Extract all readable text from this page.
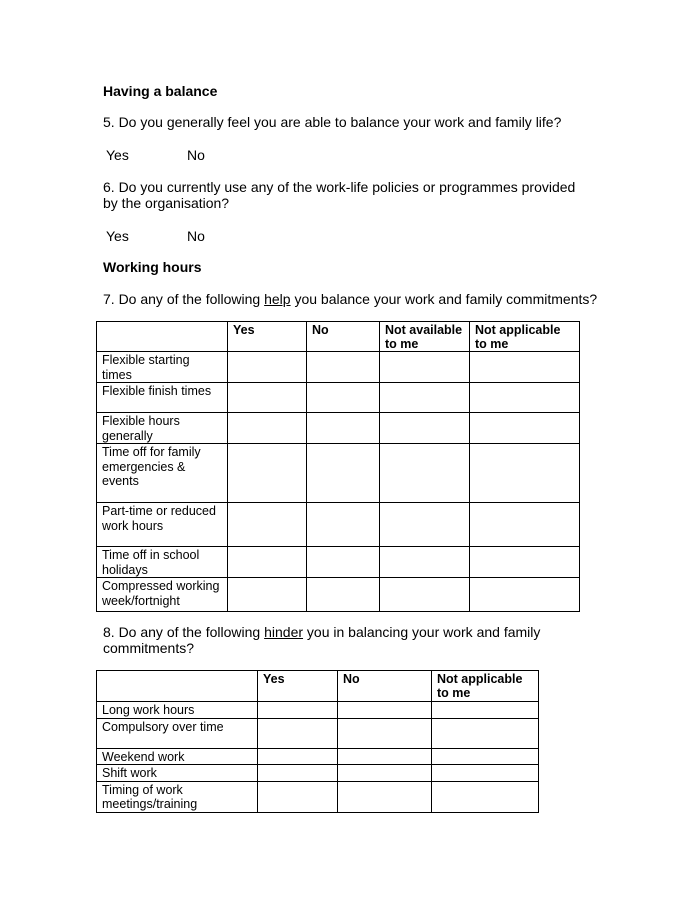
Having a balance
5. Do you generally feel you are able to balance your work and family life?
Yes	No
6. Do you currently use any of the work-life policies or programmes provided by the organisation?
Yes	No
Working hours
7. Do any of the following help you balance your work and family commitments?
	Yes	No	Not available to me	Not applicable to me
Flexible starting times				
Flexible finish times				
Flexible hours generally				
Time off for family emergencies & events				
Part-time or reduced work hours				
Time off in school holidays				
Compressed working week/fortnight				
8. Do any of the following hinder you in balancing your work and family commitments?
	Yes	No	Not applicable to me
Long work hours			
Compulsory over time			
Weekend work			
Shift work			
Timing of work meetings/training			
